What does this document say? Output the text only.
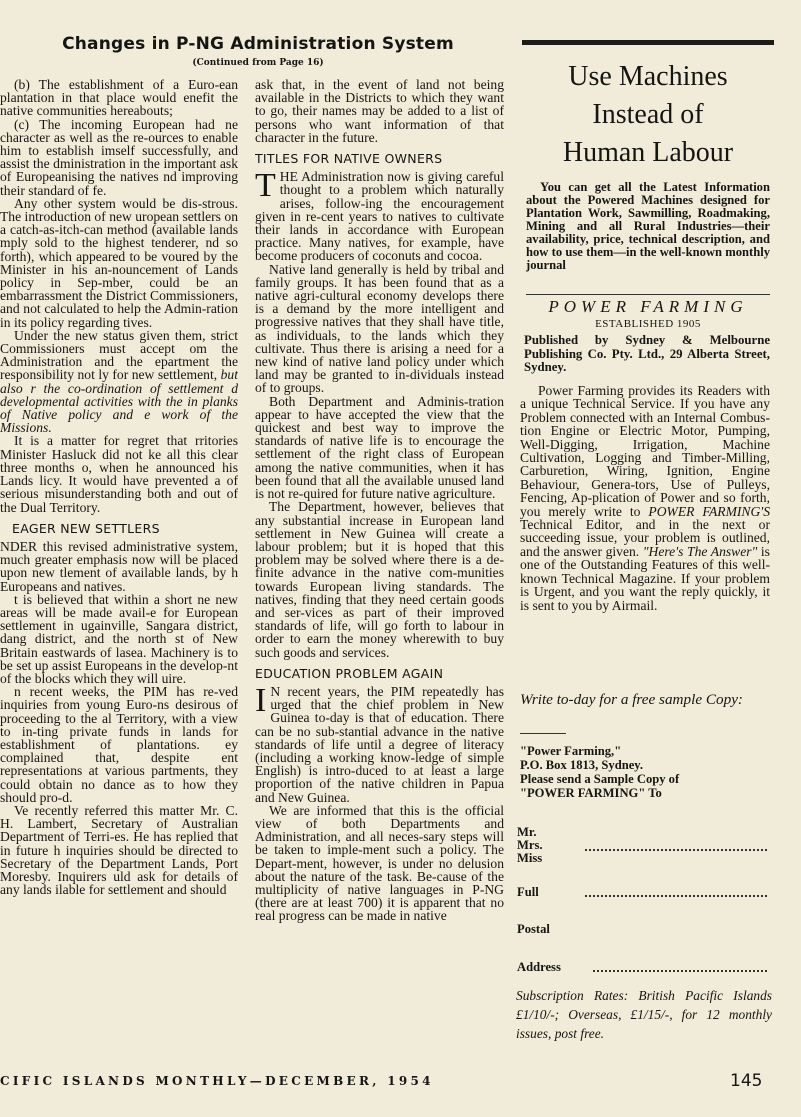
Changes in P-NG Administration System
(Continued from Page 16)

(b) The establishment of a Euro-ean plantation in that place would enefit the native communities hereabouts;

(c) The incoming European had ne character as well as the re-ources to enable him to establish imself successfully, and assist the dministration in the important ask of Europeanising the natives nd improving their standard of fe.

Any other system would be dis-strous. The introduction of new uropean settlers on a catch-as-itch-can method (available lands mply sold to the highest tenderer, nd so forth), which appeared to be voured by the Minister in his an-nouncement of Lands policy in Sep-mber, could be an embarrassment the District Commissioners, and not calculated to help the Admin-ration in its policy regarding tives.

Under the new status given them, strict Commissioners must accept om the Administration and the epartment the responsibility not ly for new settlement, but also r the co-ordination of settlement d developmental activities with the in planks of Native policy and e work of the Missions.

It is a matter for regret that rritories Minister Hasluck did not ke all this clear three months o, when he announced his Lands licy. It would have prevented a of serious misunderstanding both and out of the Dual Territory.

EAGER NEW SETTLERS

NDER this revised administrative system, much greater emphasis now will be placed upon new tlement of available lands, by h Europeans and natives.

t is believed that within a short ne new areas will be made avail-e for European settlement in ugainville, Sangara district, dang district, and the north st of New Britain eastwards of lasea. Machinery is to be set up assist Europeans in the develop-nt of the blocks which they will uire.

n recent weeks, the PIM has re-ved inquiries from young Euro-ns desirous of proceeding to the al Territory, with a view to in-ting private funds in lands for establishment of plantations. ey complained that, despite ent representations at various partments, they could obtain no dance as to how they should pro-d.

Ve recently referred this matter Mr. C. H. Lambert, Secretary of Australian Department of Terri-es. He has replied that in future h inquiries should be directed to Secretary of the Department Lands, Port Moresby. Inquirers uld ask for details of any lands ilable for settlement and should

ask that, in the event of land not being available in the Districts to which they want to go, their names may be added to a list of persons who want information of that character in the future.

TITLES FOR NATIVE OWNERS

THE Administration now is giving careful thought to a problem which naturally arises, follow-ing the encouragement given in re-cent years to natives to cultivate their lands in accordance with European practice. Many natives, for example, have become producers of coconuts and cocoa.

Native land generally is held by tribal and family groups. It has been found that as a native agri-cultural economy develops there is a demand by the more intelligent and progressive natives that they shall have title, as individuals, to the lands which they cultivate. Thus there is arising a need for a new kind of native land policy under which land may be granted to in-dividuals instead of to groups.

Both Department and Adminis-tration appear to have accepted the view that the quickest and best way to improve the standards of native life is to encourage the settlement of the right class of European among the native communities, when it has been found that all the available unused land is not re-quired for future native agriculture.

The Department, however, believes that any substantial increase in European land settlement in New Guinea will create a labour problem; but it is hoped that this problem may be solved where there is a de-finite advance in the native com-munities towards European living standards. The natives, finding that they need certain goods and ser-vices as part of their improved standards of life, will go forth to labour in order to earn the money wherewith to buy such goods and services.

EDUCATION PROBLEM AGAIN

I N recent years, the PIM repeatedly has urged that the chief problem in New Guinea to-day is that of education. There can be no sub-stantial advance in the native standards of life until a degree of literacy (including a working know-ledge of simple English) is intro-duced to at least a large proportion of the native children in Papua and New Guinea.

We are informed that this is the official view of both Departments and Administration, and all neces-sary steps will be taken to imple-ment such a policy. The Depart-ment, however, is under no delusion about the nature of the task. Be-cause of the multiplicity of native languages in P-NG (there are at least 700) it is apparent that no real progress can be made in native

Use Machines
Instead of
Human Labour
You can get all the Latest Information about the Powered Machines designed for Plantation Work, Sawmilling, Roadmaking, Mining and all Rural Industries—their availability, price, technical description, and how to use them—in the well-known monthly journal
POWER FARMING
ESTABLISHED 1905
Published by Sydney & Melbourne Publishing Co. Pty. Ltd., 29 Alberta Street, Sydney.
Power Farming provides its Readers with a unique Technical Service. If you have any Problem connected with an Internal Combus-tion Engine or Electric Motor, Pumping, Well-Digging, Irrigation, Machine Cultivation, Logging and Timber-Milling, Carburetion, Wiring, Ignition, Engine Behaviour, Genera-tors, Use of Pulleys, Fencing, Ap-plication of Power and so forth, you merely write to POWER FARMING'S Technical Editor, and in the next or succeeding issue, your problem is outlined, and the answer given. "Here's The Answer" is one of the Outstanding Features of this well-known Technical Magazine. If your problem is Urgent, and you want the reply quickly, it is sent to you by Airmail.
Write to-day for a free sample Copy:
"Power Farming,"
P.O. Box 1813, Sydney.
Please send a Sample Copy of
"POWER FARMING" To
Mr.
Mrs.
Miss
Full
Postal
Address
Subscription Rates: British Pacific Islands £1/10/-; Overseas, £1/15/-, for 12 monthly issues, post free.
CIFIC ISLANDS MONTHLY—DECEMBER, 1954	145
